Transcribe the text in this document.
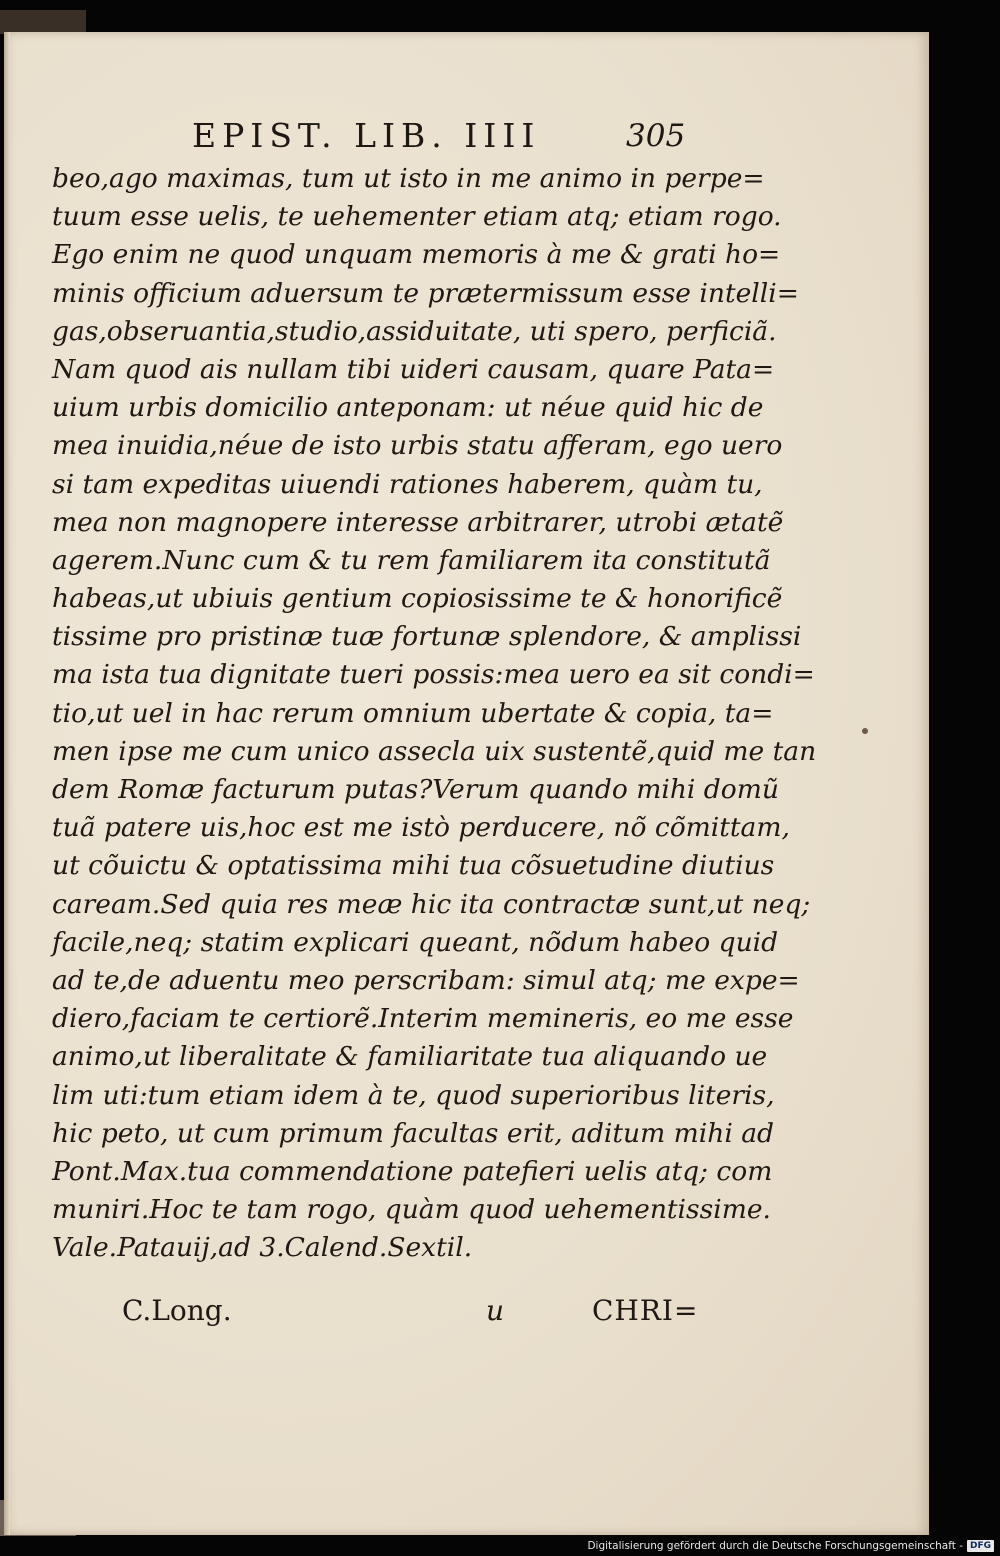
EPIST. LIB. IIII	305
beo,ago maximas, tum ut isto in me animo in perpe=
tuum esse uelis, te uehementer etiam atq; etiam rogo.
Ego enim ne quod unquam memoris à me & grati ho=
minis officium aduersum te prætermissum esse intelli=
gas,obseruantia,studio,assiduitate, uti spero, perficiã.
Nam quod ais nullam tibi uideri causam, quare Pata=
uium urbis domicilio anteponam: ut néue quid hic de
mea inuidia,néue de isto urbis statu afferam, ego uero
si tam expeditas uiuendi rationes haberem, quàm tu,
mea non magnopere interesse arbitrarer, utrobi ætatẽ
agerem.Nunc cum & tu rem familiarem ita constitutã
habeas,ut ubiuis gentium copiosissime te & honorificẽ
tissime pro pristinæ tuæ fortunæ splendore, & amplissi
ma ista tua dignitate tueri possis:mea uero ea sit condi=
tio,ut uel in hac rerum omnium ubertate & copia, ta=
men ipse me cum unico assecla uix sustentẽ,quid me tan
dem Romæ facturum putas?Verum quando mihi domũ
tuã patere uis,hoc est me istò perducere, nõ cõmittam,
ut cõuictu & optatissima mihi tua cõsuetudine diutius
caream.Sed quia res meæ hic ita contractæ sunt,ut neq;
facile,neq; statim explicari queant, nõdum habeo quid
ad te,de aduentu meo perscribam: simul atq; me expe=
diero,faciam te certiorẽ.Interim memineris, eo me esse
animo,ut liberalitate & familiaritate tua aliquando ue
lim uti:tum etiam idem à te, quod superioribus literis,
hic peto, ut cum primum facultas erit, aditum mihi ad
Pont.Max.tua commendatione patefieri uelis atq; com
muniri.Hoc te tam rogo, quàm quod uehementissime.
Vale.Patauij,ad 3.Calend.Sextil.
C.Long.	u	CHRI=
Digitalisierung gefördert durch die Deutsche Forschungsgemeinschaft - DFG
